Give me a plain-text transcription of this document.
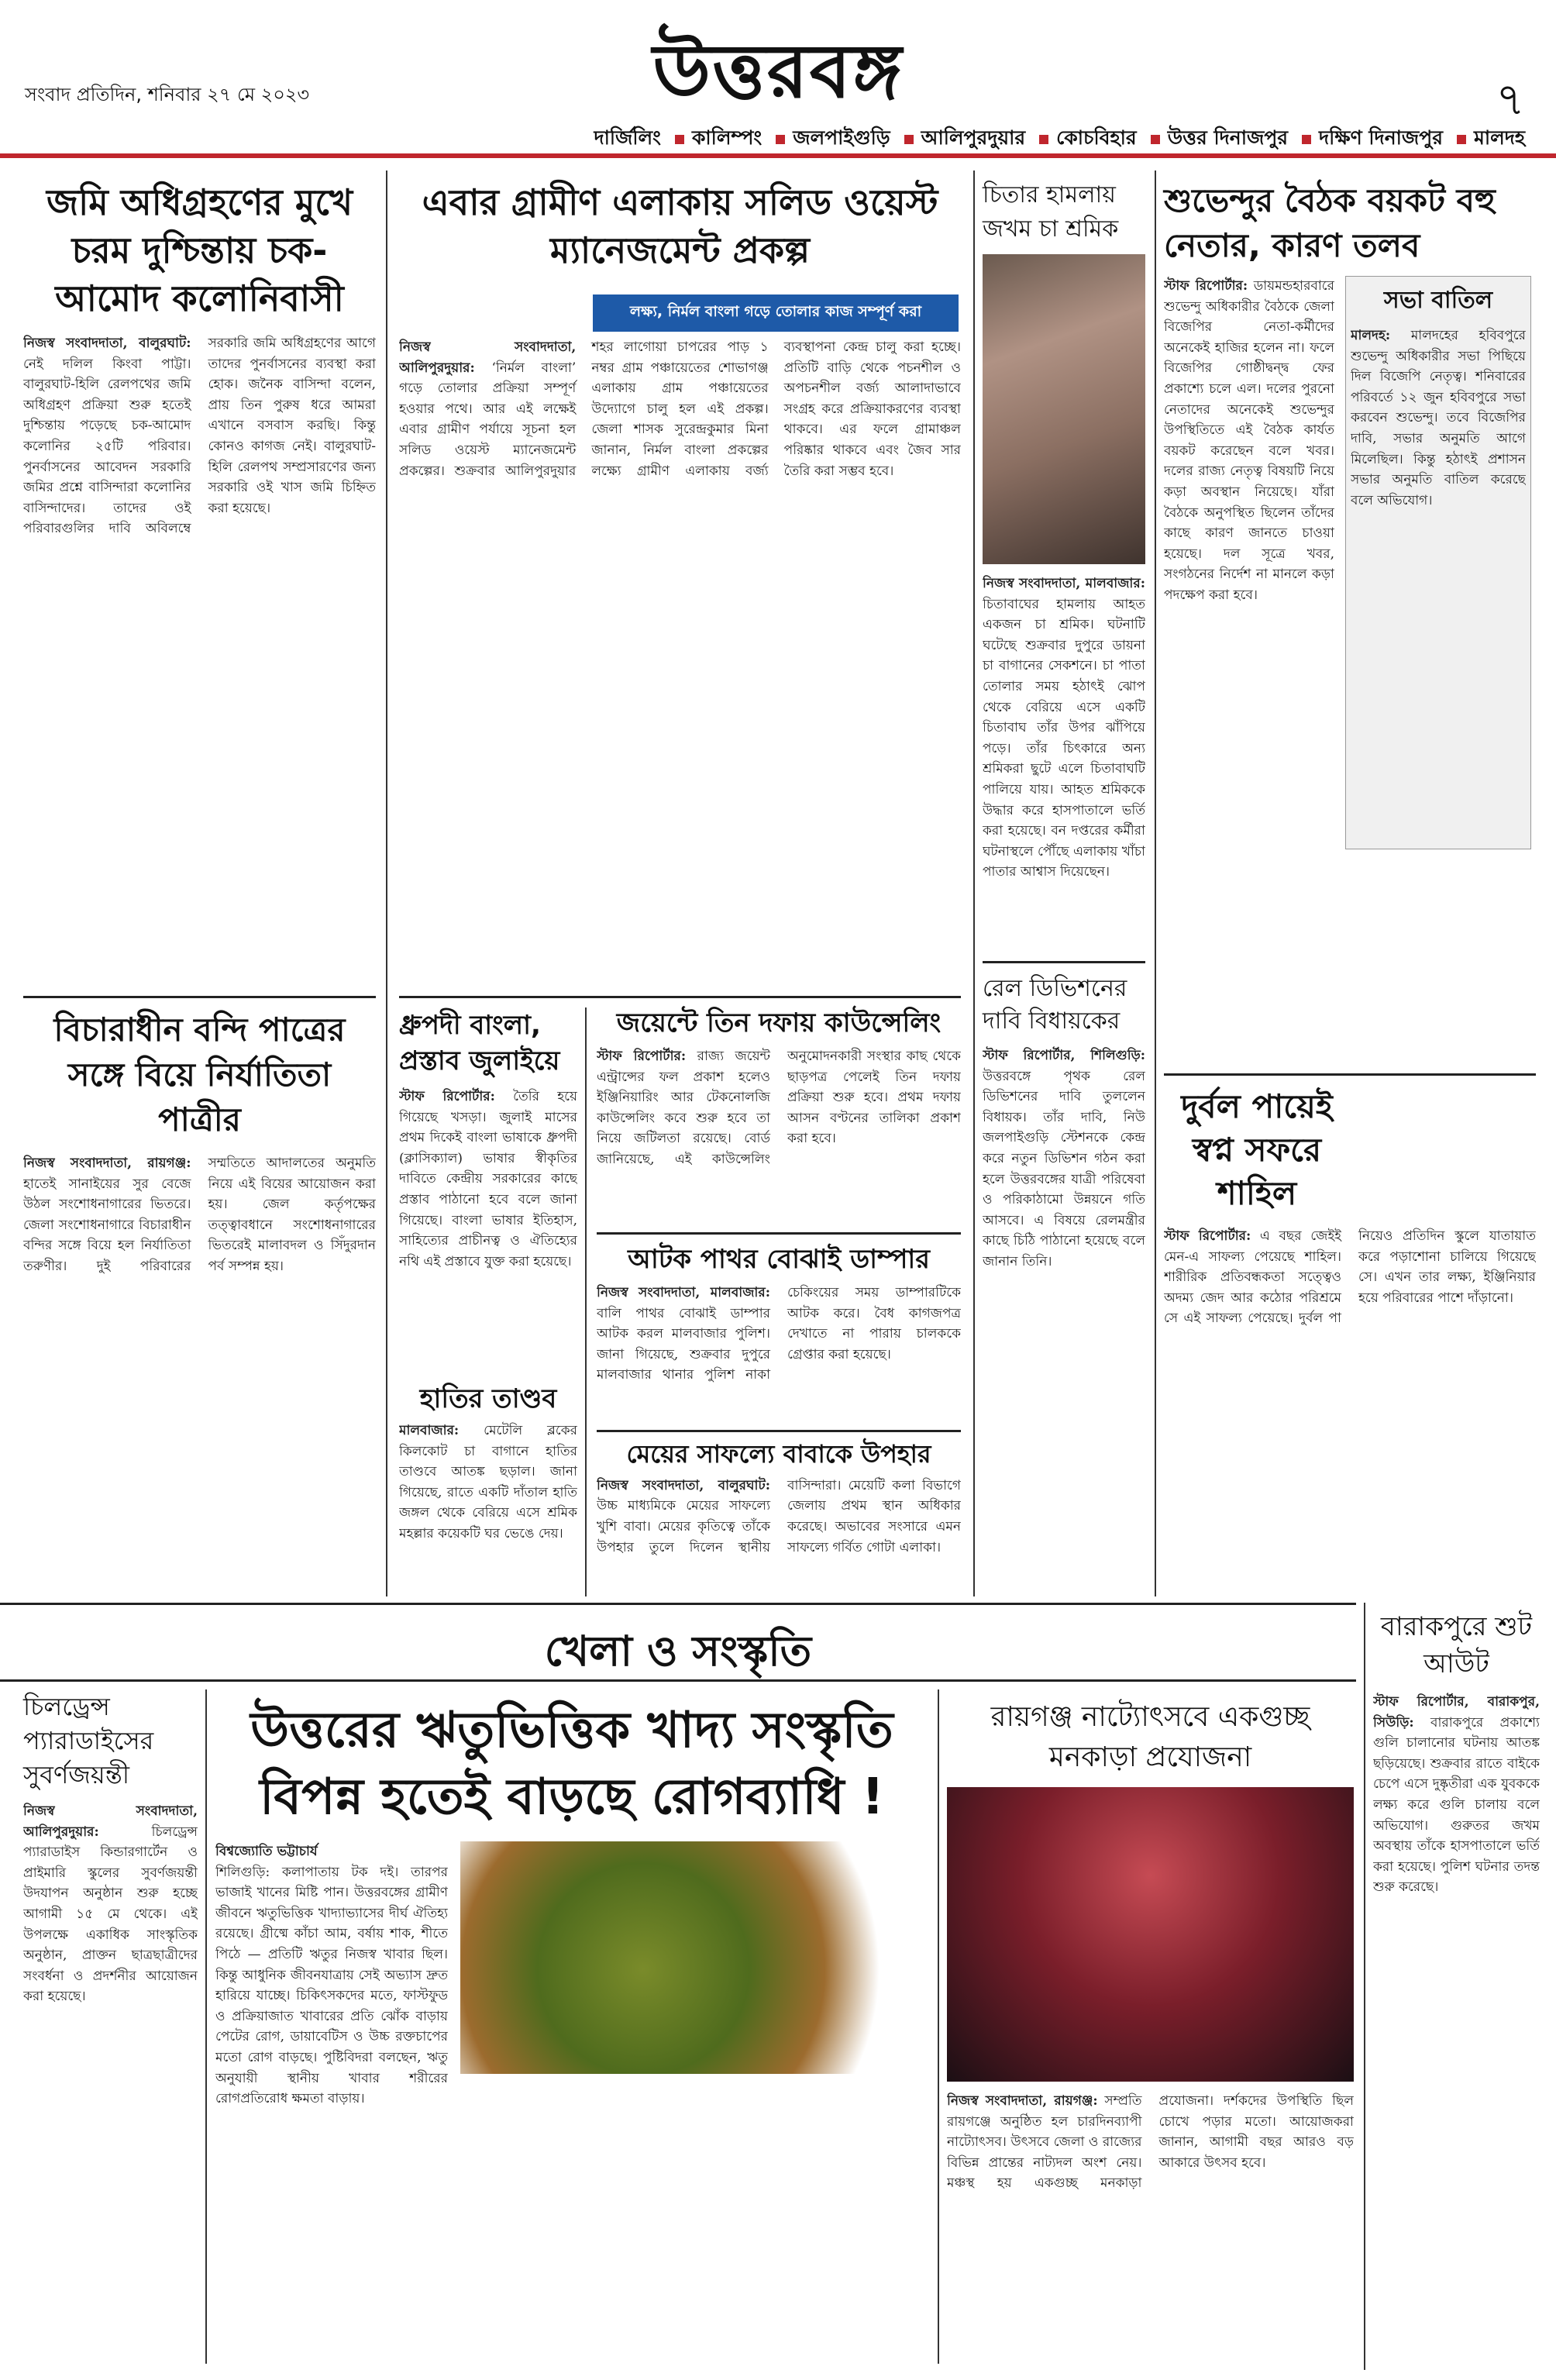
উত্তরবঙ্গ
সংবাদ প্রতিদিন, শনিবার ২৭ মে ২০২৩	৭
দার্জিলিং কালিম্পং জলপাইগুড়ি আলিপুরদুয়ার কোচবিহার উত্তর দিনাজপুর দক্ষিণ দিনাজপুর মালদহ
জমি অধিগ্রহণের মুখে চরম দুশ্চিন্তায় চক-আমোদ কলোনিবাসী
নিজস্ব সংবাদদাতা, বালুরঘাট: নেই দলিল কিংবা পাট্টা। বালুরঘাট-হিলি রেলপথের জমি অধিগ্রহণ প্রক্রিয়া শুরু হতেই দুশ্চিন্তায় পড়েছে চক-আমোদ কলোনির ২৫টি পরিবার। পুনর্বাসনের আবেদন সরকারি জমির প্রশ্নে বাসিন্দারা কলোনির বাসিন্দাদের। তাদের ওই পরিবারগুলির দাবি অবিলম্বে সরকারি জমি অধিগ্রহণের আগে তাদের পুনর্বাসনের ব্যবস্থা করা হোক। জনৈক বাসিন্দা বলেন, প্রায় তিন পুরুষ ধরে আমরা এখানে বসবাস করছি। কিন্তু কোনও কাগজ নেই। বালুরঘাট-হিলি রেলপথ সম্প্রসারণের জন্য সরকারি ওই খাস জমি চিহ্নিত করা হয়েছে।
বিচারাধীন বন্দি পাত্রের সঙ্গে বিয়ে নির্যাতিতা পাত্রীর
নিজস্ব সংবাদদাতা, রায়গঞ্জ: হাতেই সানাইয়ের সুর বেজে উঠল সংশোধনাগারের ভিতরে। জেলা সংশোধনাগারে বিচারাধীন বন্দির সঙ্গে বিয়ে হল নির্যাতিতা তরুণীর। দুই পরিবারের সম্মতিতে আদালতের অনুমতি নিয়ে এই বিয়ের আয়োজন করা হয়। জেল কর্তৃপক্ষের তত্ত্বাবধানে সংশোধনাগারের ভিতরেই মালাবদল ও সিঁদুরদান পর্ব সম্পন্ন হয়।
এবার গ্রামীণ এলাকায় সলিড ওয়েস্ট ম্যানেজমেন্ট প্রকল্প
লক্ষ্য, নির্মল বাংলা গড়ে তোলার কাজ সম্পূর্ণ করা
নিজস্ব সংবাদদাতা, আলিপুরদুয়ার: ‘নির্মল বাংলা’ গড়ে তোলার প্রক্রিয়া সম্পূর্ণ হওয়ার পথে। আর এই লক্ষেই এবার গ্রামীণ পর্যায়ে সূচনা হল সলিড ওয়েস্ট ম্যানেজমেন্ট প্রকল্পের। শুক্রবার আলিপুরদুয়ার শহর লাগোয়া চাপরের পাড় ১ নম্বর গ্রাম পঞ্চায়েতের শোভাগঞ্জ এলাকায় গ্রাম পঞ্চায়েতের উদ্যোগে চালু হল এই প্রকল্প। জেলা শাসক সুরেন্দ্রকুমার মিনা জানান, নির্মল বাংলা প্রকল্পের লক্ষ্যে গ্রামীণ এলাকায় বর্জ্য ব্যবস্থাপনা কেন্দ্র চালু করা হচ্ছে। প্রতিটি বাড়ি থেকে পচনশীল ও অপচনশীল বর্জ্য আলাদাভাবে সংগ্রহ করে প্রক্রিয়াকরণের ব্যবস্থা থাকবে। এর ফলে গ্রামাঞ্চল পরিষ্কার থাকবে এবং জৈব সার তৈরি করা সম্ভব হবে।
ধ্রুপদী বাংলা, প্রস্তাব জুলাইয়ে
স্টাফ রিপোর্টার: তৈরি হয়ে গিয়েছে খসড়া। জুলাই মাসের প্রথম দিকেই বাংলা ভাষাকে ধ্রুপদী (ক্লাসিক্যাল) ভাষার স্বীকৃতির দাবিতে কেন্দ্রীয় সরকারের কাছে প্রস্তাব পাঠানো হবে বলে জানা গিয়েছে। বাংলা ভাষার ইতিহাস, সাহিত্যের প্রাচীনত্ব ও ঐতিহ্যের নথি এই প্রস্তাবে যুক্ত করা হয়েছে।
হাতির তাণ্ডব
মালবাজার: মেটেলি ব্লকের কিলকোট চা বাগানে হাতির তাণ্ডবে আতঙ্ক ছড়াল। জানা গিয়েছে, রাতে একটি দাঁতাল হাতি জঙ্গল থেকে বেরিয়ে এসে শ্রমিক মহল্লার কয়েকটি ঘর ভেঙে দেয়।
জয়েন্টে তিন দফায় কাউন্সেলিং
স্টাফ রিপোর্টার: রাজ্য জয়েন্ট এন্ট্রান্সের ফল প্রকাশ হলেও ইঞ্জিনিয়ারিং আর টেকনোলজি কাউন্সেলিং কবে শুরু হবে তা নিয়ে জটিলতা রয়েছে। বোর্ড জানিয়েছে, এই কাউন্সেলিং অনুমোদনকারী সংস্থার কাছ থেকে ছাড়পত্র পেলেই তিন দফায় প্রক্রিয়া শুরু হবে। প্রথম দফায় আসন বণ্টনের তালিকা প্রকাশ করা হবে।
আটক পাথর বোঝাই ডাম্পার
নিজস্ব সংবাদদাতা, মালবাজার: বালি পাথর বোঝাই ডাম্পার আটক করল মালবাজার পুলিশ। জানা গিয়েছে, শুক্রবার দুপুরে মালবাজার থানার পুলিশ নাকা চেকিংয়ের সময় ডাম্পারটিকে আটক করে। বৈধ কাগজপত্র দেখাতে না পারায় চালককে গ্রেপ্তার করা হয়েছে।
মেয়ের সাফল্যে বাবাকে উপহার
নিজস্ব সংবাদদাতা, বালুরঘাট: উচ্চ মাধ্যমিকে মেয়ের সাফল্যে খুশি বাবা। মেয়ের কৃতিত্বে তাঁকে উপহার তুলে দিলেন স্থানীয় বাসিন্দারা। মেয়েটি কলা বিভাগে জেলায় প্রথম স্থান অধিকার করেছে। অভাবের সংসারে এমন সাফল্যে গর্বিত গোটা এলাকা।
চিতার হামলায় জখম চা শ্রমিক
নিজস্ব সংবাদদাতা, মালবাজার: চিতাবাঘের হামলায় আহত একজন চা শ্রমিক। ঘটনাটি ঘটেছে শুক্রবার দুপুরে ডায়না চা বাগানের সেকশনে। চা পাতা তোলার সময় হঠাৎই ঝোপ থেকে বেরিয়ে এসে একটি চিতাবাঘ তাঁর উপর ঝাঁপিয়ে পড়ে। তাঁর চিৎকারে অন্য শ্রমিকরা ছুটে এলে চিতাবাঘটি পালিয়ে যায়। আহত শ্রমিককে উদ্ধার করে হাসপাতালে ভর্তি করা হয়েছে। বন দপ্তরের কর্মীরা ঘটনাস্থলে পৌঁছে এলাকায় খাঁচা পাতার আশ্বাস দিয়েছেন।
রেল ডিভিশনের দাবি বিধায়কের
স্টাফ রিপোর্টার, শিলিগুড়ি: উত্তরবঙ্গে পৃথক রেল ডিভিশনের দাবি তুললেন বিধায়ক। তাঁর দাবি, নিউ জলপাইগুড়ি স্টেশনকে কেন্দ্র করে নতুন ডিভিশন গঠন করা হলে উত্তরবঙ্গের যাত্রী পরিষেবা ও পরিকাঠামো উন্নয়নে গতি আসবে। এ বিষয়ে রেলমন্ত্রীর কাছে চিঠি পাঠানো হয়েছে বলে জানান তিনি।
শুভেন্দুর বৈঠক বয়কট বহু নেতার, কারণ তলব
স্টাফ রিপোর্টার: ডায়মন্ডহারবারে শুভেন্দু অধিকারীর বৈঠকে জেলা বিজেপির নেতা-কর্মীদের অনেকেই হাজির হলেন না। ফলে বিজেপির গোষ্ঠীদ্বন্দ্ব ফের প্রকাশ্যে চলে এল। দলের পুরনো নেতাদের অনেকেই শুভেন্দুর উপস্থিতিতে এই বৈঠক কার্যত বয়কট করেছেন বলে খবর। দলের রাজ্য নেতৃত্ব বিষয়টি নিয়ে কড়া অবস্থান নিয়েছে। যাঁরা বৈঠকে অনুপস্থিত ছিলেন তাঁদের কাছে কারণ জানতে চাওয়া হয়েছে। দল সূত্রে খবর, সংগঠনের নির্দেশ না মানলে কড়া পদক্ষেপ করা হবে।
সভা বাতিল
মালদহ: মালদহের হবিবপুরে শুভেন্দু অধিকারীর সভা পিছিয়ে দিল বিজেপি নেতৃত্ব। শনিবারের পরিবর্তে ১২ জুন হবিবপুরে সভা করবেন শুভেন্দু। তবে বিজেপির দাবি, সভার অনুমতি আগে মিলেছিল। কিন্তু হঠাৎই প্রশাসন সভার অনুমতি বাতিল করেছে বলে অভিযোগ।
দুর্বল পায়েই স্বপ্ন সফরে শাহিল
স্টাফ রিপোর্টার: এ বছর জেইই মেন-এ সাফল্য পেয়েছে শাহিল। শারীরিক প্রতিবন্ধকতা সত্ত্বেও অদম্য জেদ আর কঠোর পরিশ্রমে সে এই সাফল্য পেয়েছে। দুর্বল পা নিয়েও প্রতিদিন স্কুলে যাতায়াত করে পড়াশোনা চালিয়ে গিয়েছে সে। এখন তার লক্ষ্য, ইঞ্জিনিয়ার হয়ে পরিবারের পাশে দাঁড়ানো।
খেলা ও সংস্কৃতি	বারাকপুরে শুট আউট
স্টাফ রিপোর্টার, বারাকপুর, সিউড়ি: বারাকপুরে প্রকাশ্যে গুলি চালানোর ঘটনায় আতঙ্ক ছড়িয়েছে। শুক্রবার রাতে বাইকে চেপে এসে দুষ্কৃতীরা এক যুবককে লক্ষ্য করে গুলি চালায় বলে অভিযোগ। গুরুতর জখম অবস্থায় তাঁকে হাসপাতালে ভর্তি করা হয়েছে। পুলিশ ঘটনার তদন্ত শুরু করেছে।
চিলড্রেন্স প্যারাডাইসের সুবর্ণজয়ন্তী
নিজস্ব সংবাদদাতা, আলিপুরদুয়ার:	চিলড্রেন্স প্যারাডাইস কিন্ডারগার্টেন ও প্রাইমারি স্কুলের সুবর্ণজয়ন্তী উদযাপন অনুষ্ঠান শুরু হচ্ছে আগামী ১৫ মে থেকে। এই উপলক্ষে একাধিক সাংস্কৃতিক অনুষ্ঠান, প্রাক্তন ছাত্রছাত্রীদের সংবর্ধনা ও প্রদর্শনীর আয়োজন করা হয়েছে।
উত্তরের ঋতুভিত্তিক খাদ্য সংস্কৃতি বিপন্ন হতেই বাড়ছে রোগব্যাধি !
বিশ্বজ্যোতি ভট্টাচার্য
শিলিগুড়ি: কলাপাতায় টক দই। তারপর ভাজাই খানের মিষ্টি পান। উত্তরবঙ্গের গ্রামীণ জীবনে ঋতুভিত্তিক খাদ্যাভ্যাসের দীর্ঘ ঐতিহ্য রয়েছে। গ্রীষ্মে কাঁচা আম, বর্ষায় শাক, শীতে পিঠে — প্রতিটি ঋতুর নিজস্ব খাবার ছিল। কিন্তু আধুনিক জীবনযাত্রায় সেই অভ্যাস দ্রুত হারিয়ে যাচ্ছে। চিকিৎসকদের মতে, ফাস্টফুড ও প্রক্রিয়াজাত খাবারের প্রতি ঝোঁক বাড়ায় পেটের রোগ, ডায়াবেটিস ও উচ্চ রক্তচাপের মতো রোগ বাড়ছে। পুষ্টিবিদরা বলছেন, ঋতু অনুযায়ী স্থানীয় খাবার শরীরের রোগপ্রতিরোধ ক্ষমতা বাড়ায়।
রায়গঞ্জ নাট্যোৎসবে একগুচ্ছ মনকাড়া প্রযোজনা
নিজস্ব সংবাদদাতা, রায়গঞ্জ: সম্প্রতি রায়গঞ্জে অনুষ্ঠিত হল চারদিনব্যাপী নাট্যোৎসব। উৎসবে জেলা ও রাজ্যের বিভিন্ন প্রান্তের নাট্যদল অংশ নেয়। মঞ্চস্থ হয় একগুচ্ছ মনকাড়া প্রযোজনা। দর্শকদের উপস্থিতি ছিল চোখে পড়ার মতো। আয়োজকরা জানান, আগামী বছর আরও বড় আকারে উৎসব হবে।
